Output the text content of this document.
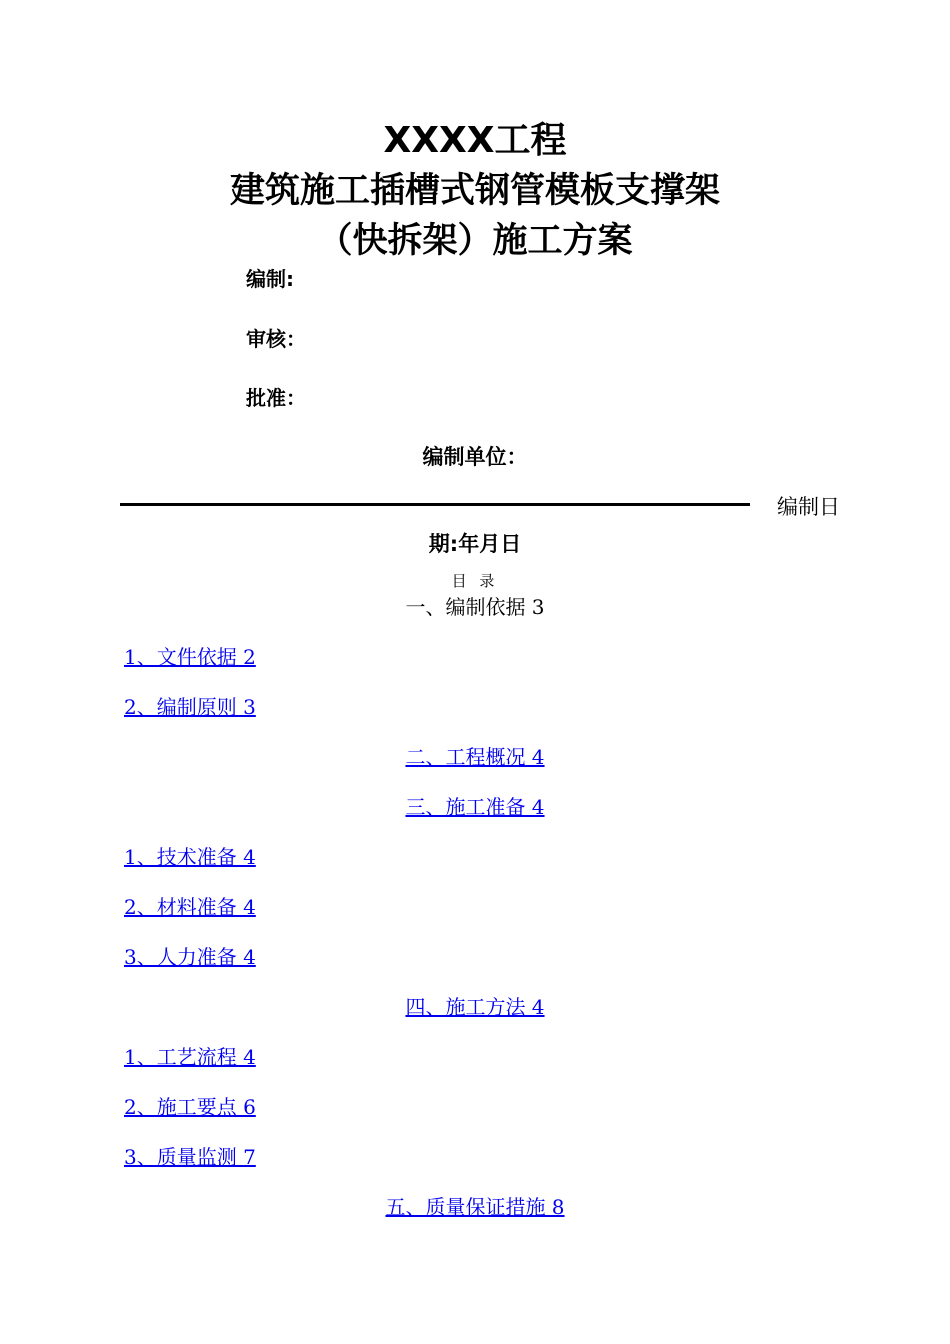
XXXX工程
建筑施工插槽式钢管模板支撑架
（快拆架）施工方案
编制:
审核：
批准：
编制单位：
编制日
期:年月日
目 录
一、编制依据 3
1、文件依据 2
2、编制原则 3
二、工程概况 4
三、施工准备 4
1、技术准备 4
2、材料准备 4
3、人力准备 4
四、施工方法 4
1、工艺流程 4
2、施工要点 6
3、质量监测 7
五、质量保证措施 8
